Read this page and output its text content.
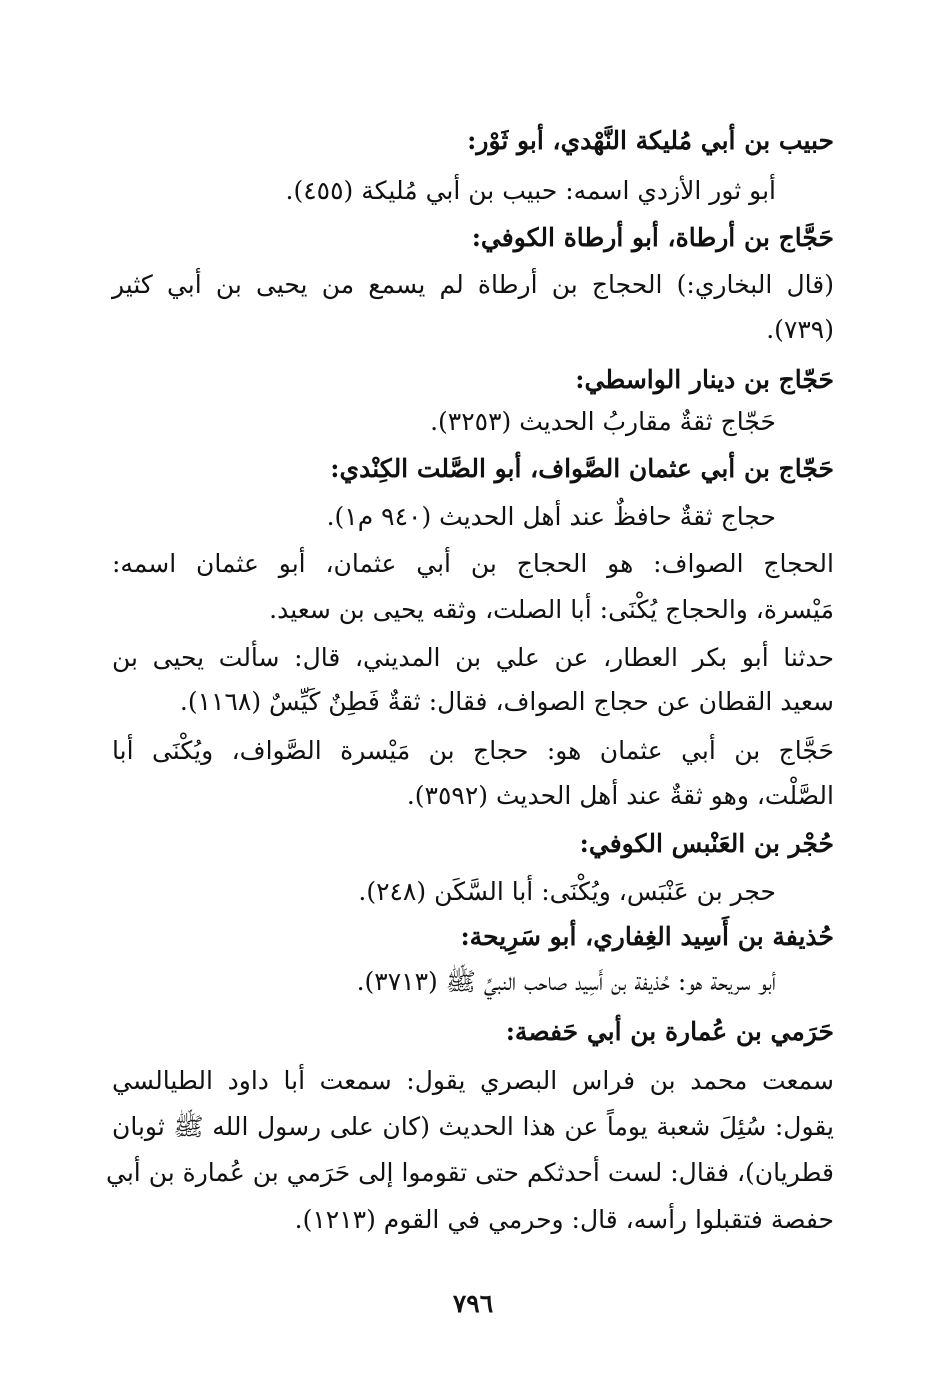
حبيب بن أبي مُليكة النَّهْدي، أبو ثَوْر:
أبو ثور الأزدي اسمه: حبيب بن أبي مُليكة (٤٥٥).
حَجَّاج بن أرطاة، أبو أرطاة الكوفي:
(قال البخاري:) الحجاج بن أرطاة لم يسمع من يحيى بن أبي كثير
(٧٣٩).
حَجّاج بن دينار الواسطي:
حَجّاج ثقةٌ مقاربُ الحديث (٣٢٥٣).
حَجّاج بن أبي عثمان الصَّواف، أبو الصَّلت الكِنْدي:
حجاج ثقةٌ حافظٌ عند أهل الحديث (٩٤٠ م١).
الحجاج الصواف: هو الحجاج بن أبي عثمان، أبو عثمان اسمه:
مَيْسرة، والحجاج يُكْنَى: أبا الصلت، وثقه يحيى بن سعيد.
حدثنا أبو بكر العطار، عن علي بن المديني، قال: سألت يحيى بن
سعيد القطان عن حجاج الصواف، فقال: ثقةٌ فَطِنٌ كَيِّسٌ (١١٦٨).
حَجَّاج بن أبي عثمان هو: حجاج بن مَيْسرة الصَّواف، ويُكْنَى أبا
الصَّلْت، وهو ثقةٌ عند أهل الحديث (٣٥٩٢).
حُجْر بن العَنْبس الكوفي:
حجر بن عَنْبَس، ويُكْنَى: أبا السَّكَن (٢٤٨).
حُذيفة بن أَسِيد الغِفاري، أبو سَرِيحة:
أبو سريحة هو: حُذيفة بن أَسِيد صاحب النبيِّ ﷺ (٣٧١٣).
حَرَمي بن عُمارة بن أبي حَفصة:
سمعت محمد بن فراس البصري يقول: سمعت أبا داود الطيالسي
يقول: سُئِلَ شعبة يوماً عن هذا الحديث (كان على رسول الله ﷺ ثوبان
قطريان)، فقال: لست أحدثكم حتى تقوموا إلى حَرَمي بن عُمارة بن أبي
حفصة فتقبلوا رأسه، قال: وحرمي في القوم (١٢١٣).
٧٩٦
